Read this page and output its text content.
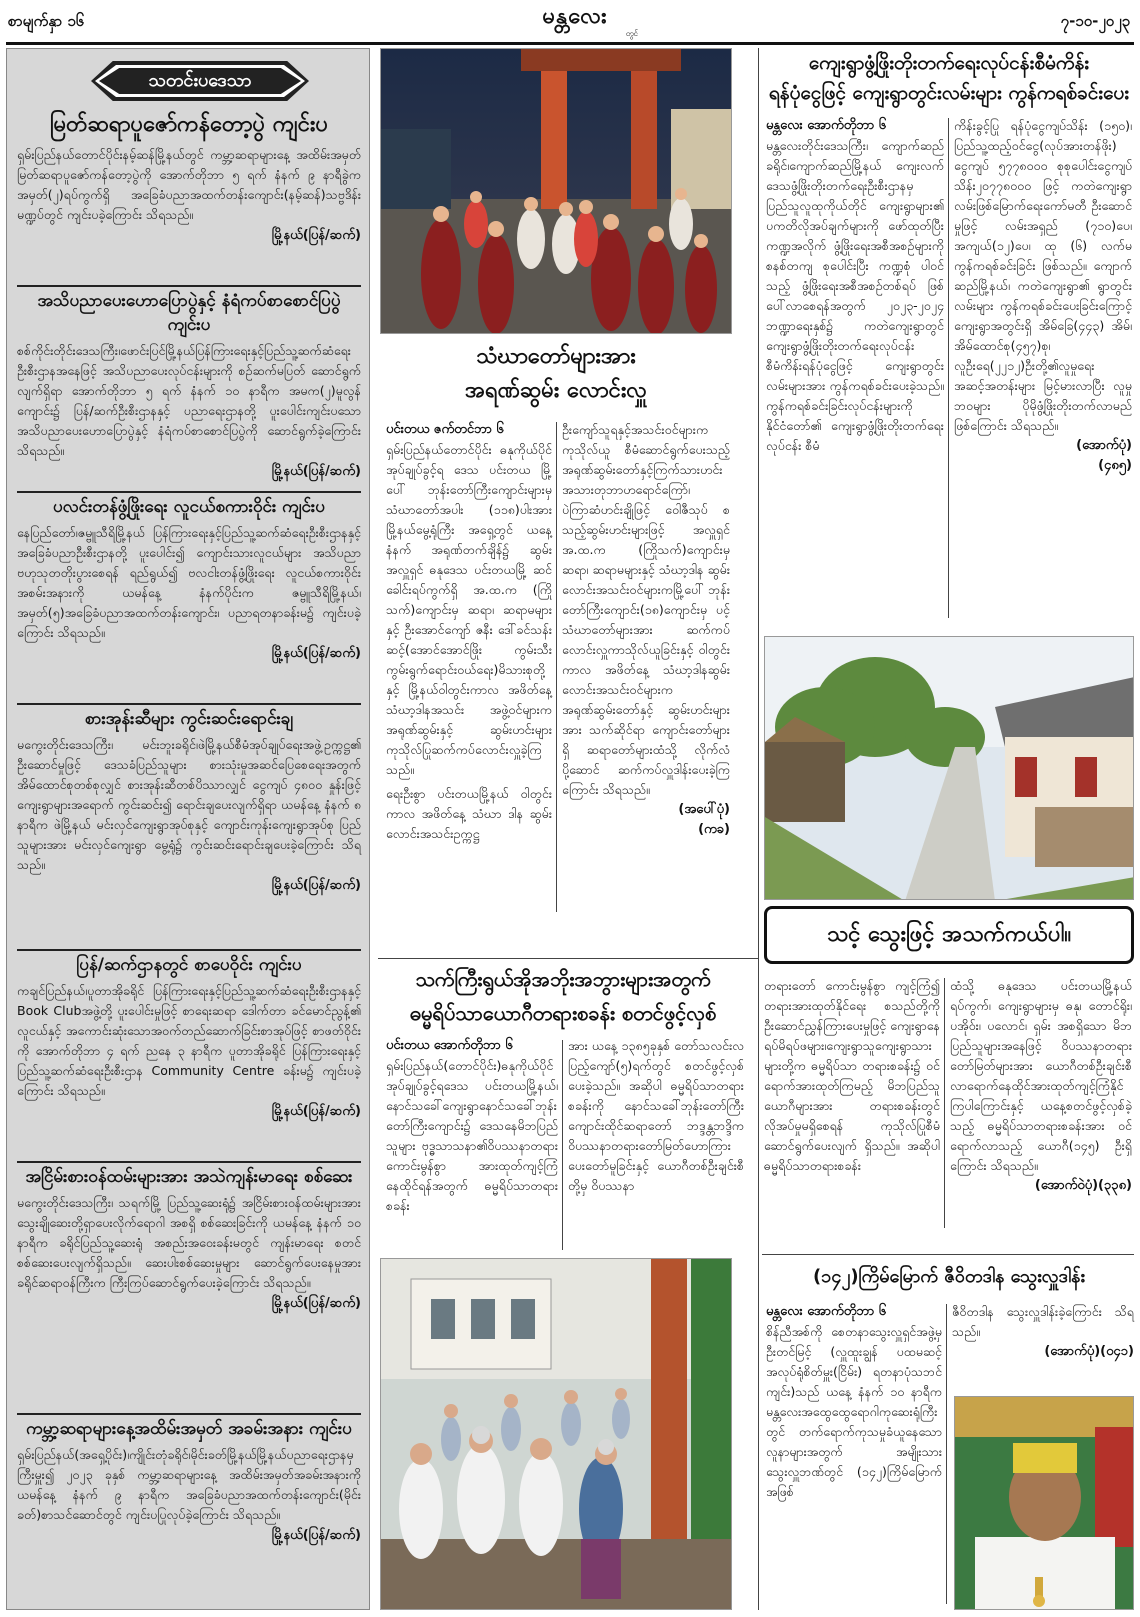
စာမျက်နှာ ၁၆	မန္တလေး
တွင်
၇-၁၀-၂၀၂၃
သတင်းပဒေသာ
မြတ်ဆရာပူဇော်ကန်တော့ပွဲ ကျင်းပ

ရှမ်းပြည်နယ်တောင်ပိုင်းနမ့်ဆန်မြို့နယ်တွင် ကမ္ဘာ့ဆရာများနေ့ အထိမ်းအမှတ် မြတ်ဆရာပူဇော်ကန်တော့ပွဲကို အောက်တိုဘာ ၅ ရက် နံနက် ၉ နာရီခွဲက အမှတ်(၂)ရပ်ကွက်ရှိ အခြေခံပညာအထက်တန်းကျောင်း(နမ့်ဆန်)သဗ္ဗဒိန်းမဏ္ဍပ်တွင် ကျင်းပခဲ့ကြောင်း သိရသည်။

မြို့နယ်(ပြန်/ဆက်)
အသိပညာပေးဟောပြောပွဲနှင့် နံရံကပ်စာစောင်ပြပွဲ ကျင်းပ

စစ်ကိုင်းတိုင်းဒေသကြီး၊ဖောင်းပြင်မြို့နယ်ပြန်ကြားရေးနှင့်ပြည်သူ့ဆက်ဆံရေးဦးစီးဌာနအနေဖြင့် အသိပညာပေးလုပ်ငန်းများကို စဉ်ဆက်မပြတ် ဆောင်ရွက်လျက်ရှိရာ အောက်တိုဘာ ၅ ရက် နံနက် ၁၀ နာရီက အမက(၂)မူလွန်ကျောင်း၌ ပြန်/ဆက်ဦးစီးဌာနနှင့် ပညာရေးဌာနတို့ ပူးပေါင်းကျင်းပသောအသိပညာပေးဟောပြောပွဲနှင့် နံရံကပ်စာစောင်ပြပွဲကို ဆောင်ရွက်ခဲ့ကြောင်း သိရသည်။

မြို့နယ်(ပြန်/ဆက်)
ပလင်းတန်ဖွံ့ဖြိုးရေး လူငယ်စကားဝိုင်း ကျင်းပ

နေပြည်တော်၊ဇမ္ဗူသီရိမြို့နယ် ပြန်ကြားရေးနှင့်ပြည်သူ့ဆက်ဆံရေးဦးစီးဌာနနှင့် အခြေခံပညာဦးစီးဌာနတို့ ပူးပေါင်း၍ ကျောင်းသားလူငယ်များ အသိပညာဗဟုသုတတိုးပွားစေရန် ရည်ရွယ်၍ ဗလငါးတန်ဖွံ့ဖြိုးရေး လူငယ်စကားဝိုင်းအစမ်းအနားကို ယမန်နေ့ နံနက်ပိုင်းက ဇမ္ဗူသီရိမြို့နယ်၊ အမှတ်(၅)အခြေခံပညာအထက်တန်းကျောင်း၊ ပညာရတနာခန်းမ၌ ကျင်းပခဲ့ကြောင်း သိရသည်။

မြို့နယ်(ပြန်/ဆက်)
စားအုန်းဆီများ ကွင်းဆင်းရောင်းချ

မကွေးတိုင်းဒေသကြီး၊ မင်းဘူးခရိုင်၊ဖဲမြို့နယ်စီမံအုပ်ချုပ်ရေးအဖွဲ့ဥက္ကဋ္ဌ၏ ဦးဆောင်မှုဖြင့် ဒေသခံပြည်သူများ စားသုံးမှုအဆင်ပြေစေရေးအတွက် အိမ်ထောင်စုတစ်စုလျှင် စားအုန်းဆီတစ်ပိဿာလျှင် ငွေကျပ် ၄၈၀၀ နှုန်းဖြင့် ကျေးရွာများအရောက် ကွင်းဆင်း၍ ရောင်းချပေးလျက်ရှိရာ ယမန်နေ့ နံနက် ၈ နာရီက ဖဲမြို့နယ် မင်းလှင်ကျေးရွာအုပ်စုနှင့် ကျောင်းကုန်းကျေးရွာအုပ်စု ပြည်သူများအား မင်းလှင်ကျေးရွာ မွေ့ရုံ၌ ကွင်းဆင်းရောင်းချပေးခဲ့ကြောင်း သိရသည်။

မြို့နယ်(ပြန်/ဆက်)
ပြန်/ဆက်ဌာနတွင် စာပေဝိုင်း ကျင်းပ

ကချင်ပြည်နယ်၊ပူတာအိုခရိုင် ပြန်ကြားရေးနှင့်ပြည်သူ့ဆက်ဆံရေးဦးစီးဌာနနှင့် Book Clubအဖွဲ့တို့ ပူးပေါင်းမှုဖြင့် စာရေးဆရာ ဒေါက်တာ ခင်မောင်ညွန့်၏ လူငယ်နှင့် အကောင်းဆုံးသောအဝက်တည်ဆောက်ခြင်းစာအုပ်ဖြင့် စာဖတ်ဝိုင်းကို အောက်တိုဘာ ၄ ရက် ညနေ ၃ နာရီက ပူတာအိုခရိုင် ပြန်ကြားရေးနှင့်ပြည်သူ့ဆက်ဆံရေးဦးစီးဌာန Community Centre ခန်းမ၌ ကျင်းပခဲ့ကြောင်း သိရသည်။

မြို့နယ်(ပြန်/ဆက်)
အငြိမ်းစားဝန်ထမ်းများအား အသဲကျန်းမာရေး စစ်ဆေး

မကွေးတိုင်းဒေသကြီး၊ သရက်မြို့ ပြည်သူ့ဆေးရုံ၌ အငြိမ်းစားဝန်ထမ်းများအား သွေးချိုဆေးတို့ရှာပေးလိုက်ရောဂါ အစရှိ စစ်ဆေးခြင်းကို ယမန်နေ့ နံနက် ၁၀ နာရီက ခရိုင်ပြည်သူ့ဆေးရုံ အစည်းအဝေးခန်းမတွင် ကျန်းမာရေး စတင်စစ်ဆေးပေးလျက်ရှိသည်။ ဆေးပါးစစ်ဆေးမှုများ ဆောင်ရွက်ပေးနေမှုအား ခရိုင်ဆရာဝန်ကြီးက ကြီးကြပ်ဆောင်ရွက်ပေးခဲ့ကြောင်း သိရသည်။

မြို့နယ်(ပြန်/ဆက်)
ကမ္ဘာ့ဆရာများနေ့အထိမ်းအမှတ် အခမ်းအနား ကျင်းပ

ရှမ်းပြည်နယ်(အရှေ့ပိုင်း)၊ကျိုင်းတုံခရိုင်၊မိုင်းခတ်မြို့နယ်မြို့နယ်ပညာရေးဌာနမှ ကြီးမှူး၍ ၂၀၂၃ ခုနှစ် ကမ္ဘာ့ဆရာများနေ့ အထိမ်းအမှတ်အခမ်းအနားကို ယမန်နေ့ နံနက် ၉ နာရီက အခြေခံပညာအထက်တန်းကျောင်း(မိုင်းခတ်)စာသင်ဆောင်တွင် ကျင်းပပြုလုပ်ခဲ့ကြောင်း သိရသည်။

မြို့နယ်(ပြန်/ဆက်)
သံဃာတော်များအား
အရဏ်ဆွမ်း လောင်းလှူ
ပင်းတယ ဇက်တင်ဘာ ၆
ရှမ်းပြည်နယ်တောင်ပိုင်း ဓနုကိုယ်ပိုင်အုပ်ချုပ်ခွင့်ရ ဒေသ ပင်းတယ မြို့ပေါ် ဘုန်းတော်ကြီးကျောင်းများမှ သံဃာတော်အပါး (၁၁၈)ပါးအား မြို့နယ်မွေ့ရုံကြီး အရှေ့တွင် ယနေ့ နံနက် အရုဏ်တက်ချိန်၌ ဆွမ်းအလှူရှင် ဓနုဒေသ ပင်းတယမြို့ ဆင်ခေါင်းရပ်ကွက်ရှိ အ.ထ.က (ကြိုသက်)ကျောင်းမှ ဆရာ၊ ဆရာမများနှင့် ဦးအောင်ကျော် ဇနီး ဒေါ်ခင်သန်းဆင့်(အောင်အောင်ဖြိုး ကွမ်းသီး ကွမ်းရွက်ရောင်းဝယ်ရေး)မိသားစုတို့နှင့် မြို့နယ်ဝါတွင်းကာလ အဖိတ်နေ့ သံဃာ့ဒါနအသင်း အဖွဲ့ဝင်များက အရုဏ်ဆွမ်းနှင့် ဆွမ်းဟင်းများ ကုသိုလ်ပြုဆက်ကပ်လောင်းလှူခဲ့ကြသည်။
ရေးဦးစွာ ပင်းတယမြို့နယ် ဝါတွင်းကာလ အဖိတ်နေ့ သံဃာ ဒါန ဆွမ်းလောင်းအသင်းဥက္ကဋ္ဌ
ဦးကျော်သူရနှင့်အသင်းဝင်များက ကုသိုလ်ယူ စီမံဆောင်ရွက်ပေးသည့် အရုဏ်ဆွမ်းတော်နှင့်ကြက်သားဟင်းအသားတုဘာဟရောင်ကြော်၊ ပဲကြာဆံဟင်းချိုဖြင့် ဝေါဇီသုပ် စသည့်ဆွမ်းဟင်းများဖြင့် အလှူရှင် အ.ထ.က (ကြိုသက်)ကျောင်းမှ ဆရာ၊ ဆရာမများနှင့် သံဃာ့ဒါန ဆွမ်းလောင်းအသင်းဝင်များကမြို့ပေါ် ဘုန်းတော်ကြီးကျောင်း(၁၈)ကျောင်းမှ ပင့်သံဃာတော်များအား ဆက်ကပ်လောင်းလှူကာသိုလ်ယူခြင်းနှင့် ဝါတွင်းကာလ အဖိတ်နေ့ သံဃာ့ဒါနဆွမ်းလောင်းအသင်းဝင်များက အရုဏ်ဆွမ်းတော်နှင့် ဆွမ်းဟင်းများအား သက်ဆိုင်ရာ ကျောင်းတော်များရှိ ဆရာတော်များထံသို့ လိုက်လံပို့ဆောင် ဆက်ကပ်လှူဒါန်းပေးခဲ့ကြကြောင်း သိရသည်။
(အပေါ်ပုံ)
(ကခ)
သက်ကြီးရွယ်အိုအဘိုးအဘွားများအတွက်
ဓမ္မရိပ်သာယောဂီတရားစခန်း စတင်ဖွင့်လှစ်
ပင်းတယ အောက်တိုဘာ ၆
ရှမ်းပြည်နယ်(တောင်ပိုင်း)ဓနုကိုယ်ပိုင်အုပ်ချုပ်ခွင့်ရဒေသ ပင်းတယမြို့နယ်၊နောင်သခေါ်ကျေးရွာနောင်သခေါ်ဘုန်းတော်ကြီးကျောင်း၌ ဒေသနေမိဘပြည်သူများ ဗုဒ္ဓသာသနာ၏ဝိပဿနာတရား ကောင်းမွန်စွာ အားထုတ်ကျင့်ကြံနေထိုင်ရန်အတွက် ဓမ္မရိပ်သာတရားစခန်း
အား ယနေ့ ၁၃၈၅ခုနှစ် တော်သလင်းလပြည့်ကျော်(၅)ရက်တွင် စတင်ဖွင့်လှစ်ပေးခဲ့သည်။ အဆိုပါ ဓမ္မရိပ်သာတရားစခန်းကို နောင်သခေါ်ဘုန်းတော်ကြီးကျောင်းထိုင်ဆရာတော် ဘဒ္ဒန္တဘဒ္ဒိက ဝိပဿနာတရားတော်မြတ်ဟောကြားပေးတော်မူခြင်းနှင့် ယောဂီတစ်ဦးချင်းစီတို့မှ ဝိပဿနာ
ကျေးရွာဖွံ့ဖြိုးတိုးတက်ရေးလုပ်ငန်းစီမံကိန်း
ရန်ပုံငွေဖြင့် ကျေးရွာတွင်းလမ်းများ ကွန်ကရစ်ခင်းပေး
မန္တလေး အောက်တိုဘာ ၆
မန္တလေးတိုင်းဒေသကြီး၊ ကျောက်ဆည်ခရိုင်၊ကျောက်ဆည်မြို့နယ် ကျေးလက်ဒေသဖွံ့ဖြိုးတိုးတက်ရေးဦးစီးဌာနမှ ပြည်သူလူထုကိုယ်တိုင် ကျေးရွာများ၏ ပကတိလိုအပ်ချက်များကို ဖော်ထုတ်ပြီး ကဏ္ဍအလိုက် ဖွံ့ဖြိုးရေးအစီအစဉ်များကို စနစ်တကျ စုပေါင်းပြီး ကဏ္ဍစုံ ပါဝင်သည့် ဖွံ့ဖြိုးရေးအစီအစဉ်တစ်ရပ် ဖြစ်ပေါ်လာစေရန်အတွက် ၂၀၂၃-၂၀၂၄ ဘဏ္ဍာရေးနှစ်၌ ကတဲကျေးရွာတွင် ကျေးရွာဖွံ့ဖြိုးတိုးတက်ရေးလုပ်ငန်း စီမံကိန်းရန်ပုံငွေဖြင့် ကျေးရွာတွင်းလမ်းများအား ကွန်ကရစ်ခင်းပေးခဲ့သည်။ ကွန်ကရစ်ခင်းခြင်းလုပ်ငန်းများကို နိုင်ငံတော်၏ ကျေးရွာဖွံ့ဖြိုးတိုးတက်ရေးလုပ်ငန်း စီမံ
ကိန်းခွင့်ပြု ရန်ပုံငွေကျပ်သိန်း (၁၅၀)၊ ပြည်သူ့ထည့်ဝင်ငွေ(လုပ်အားတန်ဖိုး) ငွေကျပ် ၅၇၇၈၀၀၀ စုစုပေါင်းငွေကျပ်သိန်း၂၀၇၇၈၀၀၀ ဖြင့် ကတဲကျေးရွာလမ်းဖြစ်မြောက်ရေးကော်မတီ ဦးဆောင်မှုဖြင့် လမ်းအရှည် (၇၁၀)ပေ၊ အကျယ်(၁၂)ပေ၊ ထု (၆) လက်မ ကွန်ကရစ်ခင်းခြင်း ဖြစ်သည်။ ကျောက်ဆည်မြို့နယ်၊ ကတဲကျေးရွာ၏ ရွာတွင်းလမ်းများ ကွန်ကရစ်ခင်းပေးခြင်းကြောင့် ကျေးရွာအတွင်းရှိ အိမ်ခြေ(၄၄၃) အိမ်၊ အိမ်ထောင်စု(၄၅၇)စု၊ လူဦးရေ(၂၂၁၂)ဦးတို့၏လူမှုရေးအဆင့်အတန်းများ မြင့်မားလာပြီး လူမှုဘဝများ ပိုမိုဖွံ့ဖြိုးတိုးတက်လာမည်ဖြစ်ကြောင်း သိရသည်။
(အောက်ပုံ)
(၄၈၅)
သင့် သွေးဖြင့် အသက်ကယ်ပါ။
တရားတော် ကောင်းမွန်စွာ ကျင့်ကြံ၍ တရားအားထုတ်နိုင်ရေး စသည်တို့ကို ဦးဆောင်ညွှန်ကြားပေးမှုဖြင့် ကျေးရွာနေ ရပ်မိရပ်ဖများ၊ကျေးရွာသူကျေးရွာသားများတို့က ဓမ္မရိပ်သာ တရားစခန်း၌ ဝင်ရောက်အားထုတ်ကြမည့် မိဘပြည်သူ ယောဂီများအား တရားစခန်းတွင် လိုအပ်မှုမရှိစေရန် ကုသိုလ်ပြုစီမံဆောင်ရွက်ပေးလျက် ရှိသည်။ အဆိုပါဓမ္မရိပ်သာတရားစခန်း
ထံသို့ ဓနုဒေသ ပင်းတယမြို့နယ် ရပ်ကွက်၊ ကျေးရွာများမှ ဓနု၊ တောင်ရိုး၊ ပအိုဝ်း၊ ပလောင်၊ ရှမ်း အစရှိသော မိဘပြည်သူများအနေဖြင့် ဝိပဿနာတရားတော်မြတ်များအား ယောဂီတစ်ဦးချင်းစီ လာရောက်နေထိုင်အားထုတ်ကျင့်ကြံနိုင်ကြပါကြောင်းနှင့် ယနေ့စတင်ဖွင့်လှစ်ခဲ့သည့် ဓမ္မရိပ်သာတရားစခန်းအား ဝင်ရောက်လာသည့် ယောဂီ(၁၄၅) ဦးရှိကြောင်း သိရသည်။
(အောက်ဝဲပုံ)(၃၃၈)
(၁၄၂)ကြိမ်မြောက် ဇီဝိတဒါန သွေးလှူဒါန်း
မန္တလေး အောက်တိုဘာ ၆
စိန်ညီအစ်ကို စေတနာသွေးလှူရှင်အဖွဲ့မှ ဦးတင်မြင့် (လှူထူးချွန် ပထမဆင့်အလုပ်ရုံစိတ်မှူး(ငြိမ်း) ရတနာပုံသဘင်ကျင်း)သည် ယနေ့ နံနက် ၁၀ နာရီက မန္တလေးအထွေထွေရောဂါကုဆေးရုံကြီးတွင် တက်ရောက်ကုသမှုခံယူနေသော လူနာများအတွက် အမျိုးသားသွေးလှူဘဏ်တွင် (၁၄၂)ကြိမ်မြောက်အဖြစ်
ဇီဝိတဒါန သွေးလှူဒါန်းခဲ့ကြောင်း သိရသည်။
(အောက်ပုံ)(၀၄၁)
